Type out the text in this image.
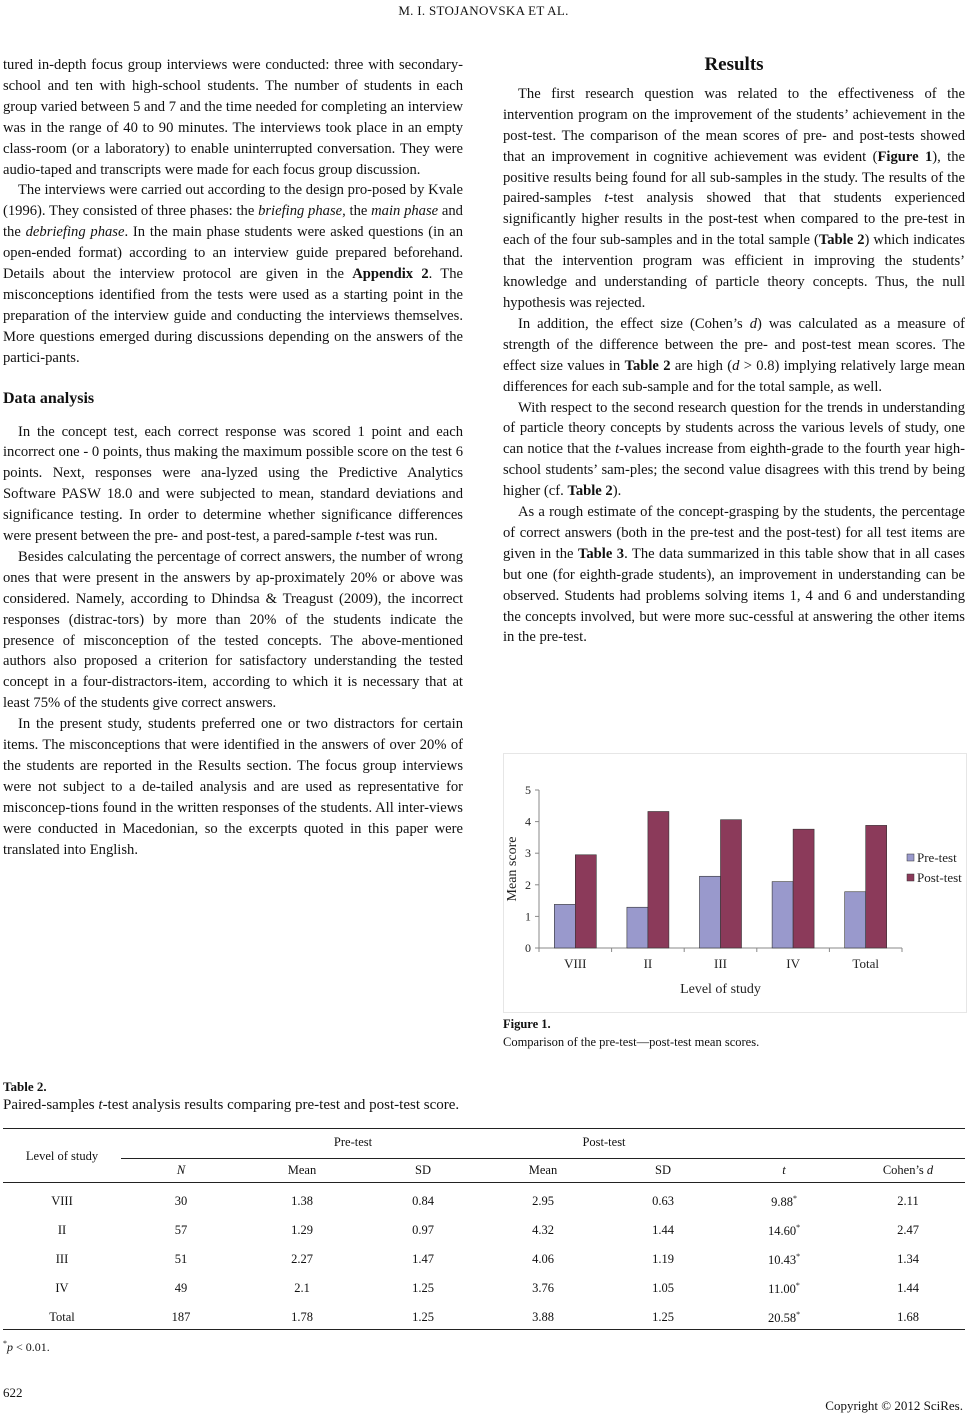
M. I. STOJANOVSKA ET AL.

tured in-depth focus group interviews were conducted: three with secondary-school and ten with high-school students. The number of students in each group varied between 5 and 7 and the time needed for completing an interview was in the range of 40 to 90 minutes. The interviews took place in an empty class-room (or a laboratory) to enable uninterrupted conversation. They were audio-taped and transcripts were made for each focus group discussion.

The interviews were carried out according to the design pro-posed by Kvale (1996). They consisted of three phases: the briefing phase, the main phase and the debriefing phase. In the main phase students were asked questions (in an open-ended format) according to an interview guide prepared beforehand. Details about the interview protocol are given in the Appendix 2. The misconceptions identified from the tests were used as a starting point in the preparation of the interview guide and conducting the interviews themselves. More questions emerged during discussions depending on the answers of the partici-pants.

Data analysis

In the concept test, each correct response was scored 1 point and each incorrect one - 0 points, thus making the maximum possible score on the test 6 points. Next, responses were ana-lyzed using the Predictive Analytics Software PASW 18.0 and were subjected to mean, standard deviations and significance testing. In order to determine whether significance differences were present between the pre- and post-test, a pared-sample t-test was run.

Besides calculating the percentage of correct answers, the number of wrong ones that were present in the answers by ap-proximately 20% or above was considered. Namely, according to Dhindsa & Treagust (2009), the incorrect responses (distrac-tors) by more than 20% of the students indicate the presence of misconception of the tested concepts. The above-mentioned authors also proposed a criterion for satisfactory understanding the tested concept in a four-distractors-item, according to which it is necessary that at least 75% of the students give correct answers.

In the present study, students preferred one or two distractors for certain items. The misconceptions that were identified in the answers of over 20% of the students are reported in the Results section. The focus group interviews were not subject to a de-tailed analysis and are used as representative for misconcep-tions found in the written responses of the students. All inter-views were conducted in Macedonian, so the excerpts quoted in this paper were translated into English.

Results

The first research question was related to the effectiveness of the intervention program on the improvement of the students’ achievement in the post-test. The comparison of the mean scores of pre- and post-tests showed that an improvement in cognitive achievement was evident (Figure 1), the positive results being found for all sub-samples in the study. The results of the paired-samples t-test analysis showed that that students experienced significantly higher results in the post-test when compared to the pre-test in each of the four sub-samples and in the total sample (Table 2) which indicates that the intervention program was efficient in improving the students’ knowledge and understanding of particle theory concepts. Thus, the null hypothesis was rejected.

In addition, the effect size (Cohen’s d) was calculated as a measure of strength of the difference between the pre- and post-test mean scores. The effect size values in Table 2 are high (d > 0.8) implying relatively large mean differences for each sub-sample and for the total sample, as well.

With respect to the second research question for the trends in understanding of particle theory concepts by students across the various levels of study, one can notice that the t-values increase from eighth-grade to the fourth year high-school students’ sam-ples; the second value disagrees with this trend by being higher (cf. Table 2).

As a rough estimate of the concept-grasping by the students, the percentage of correct answers (both in the pre-test and the post-test) for all test items are given in the Table 3. The data summarized in this table show that in all cases but one (for eighth-grade students), an improvement in understanding can be observed. Students had problems solving items 1, 4 and 6 and understanding the concepts involved, but were more suc-cessful at answering the other items in the pre-test.

0
1
2
3
4
5
VIII	II	III	IV	Total
Level of study
Mean score	Pre-test
Post-test
Figure 1.
Comparison of the pre-test—post-test mean scores.
Table 2.
Paired-samples t-test analysis results comparing pre-test and post-test score.
Level of study
Pre-test	Post-test
N	Mean	SD	Mean	SD	t	Cohen’s d
VIII	30	1.38	0.84	2.95	0.63	9.88*	2.11
II	57	1.29	0.97	4.32	1.44	14.60*	2.47
III	51	2.27	1.47	4.06	1.19	10.43*	1.34
IV	49	2.1	1.25	3.76	1.05	11.00*	1.44
Total	187	1.78	1.25	3.88	1.25	20.58*	1.68
*p < 0.01.
622
Copyright © 2012 SciRes.
